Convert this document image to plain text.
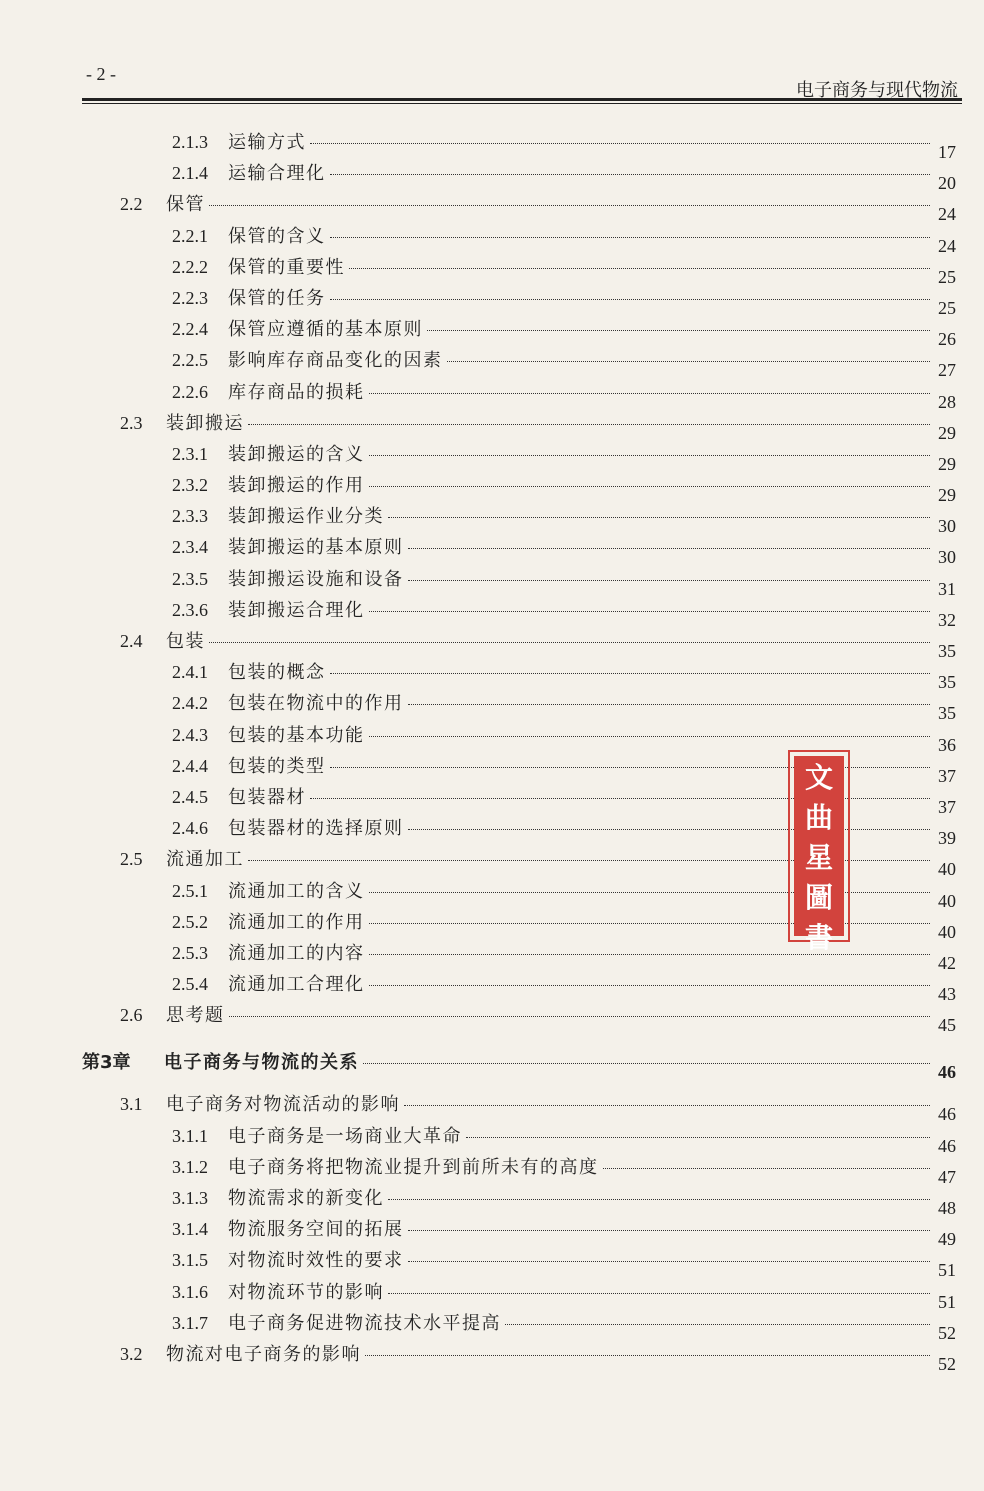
- 2 -
电子商务与现代物流
2.1.3	运输方式	17
2.1.4	运输合理化	20
2.2	保管	24
2.2.1	保管的含义	24
2.2.2	保管的重要性	25
2.2.3	保管的任务	25
2.2.4	保管应遵循的基本原则	26
2.2.5	影响库存商品变化的因素	27
2.2.6	库存商品的损耗	28
2.3	装卸搬运	29
2.3.1	装卸搬运的含义	29
2.3.2	装卸搬运的作用	29
2.3.3	装卸搬运作业分类	30
2.3.4	装卸搬运的基本原则	30
2.3.5	装卸搬运设施和设备	31
2.3.6	装卸搬运合理化	32
2.4	包装	35
2.4.1	包装的概念	35
2.4.2	包装在物流中的作用	35
2.4.3	包装的基本功能	36
2.4.4	包装的类型	37
2.4.5	包装器材	37
2.4.6	包装器材的选择原则	39
2.5	流通加工	40
2.5.1	流通加工的含义	40
2.5.2	流通加工的作用	40
2.5.3	流通加工的内容	42
2.5.4	流通加工合理化	43
2.6	思考题	45
第3章	电子商务与物流的关系	46
3.1	电子商务对物流活动的影响	46
3.1.1	电子商务是一场商业大革命	46
3.1.2	电子商务将把物流业提升到前所未有的高度	47
3.1.3	物流需求的新变化	48
3.1.4	物流服务空间的拓展	49
3.1.5	对物流时效性的要求	51
3.1.6	对物流环节的影响	51
3.1.7	电子商务促进物流技术水平提高	52
3.2	物流对电子商务的影响	52
文
曲
星
圖
書
